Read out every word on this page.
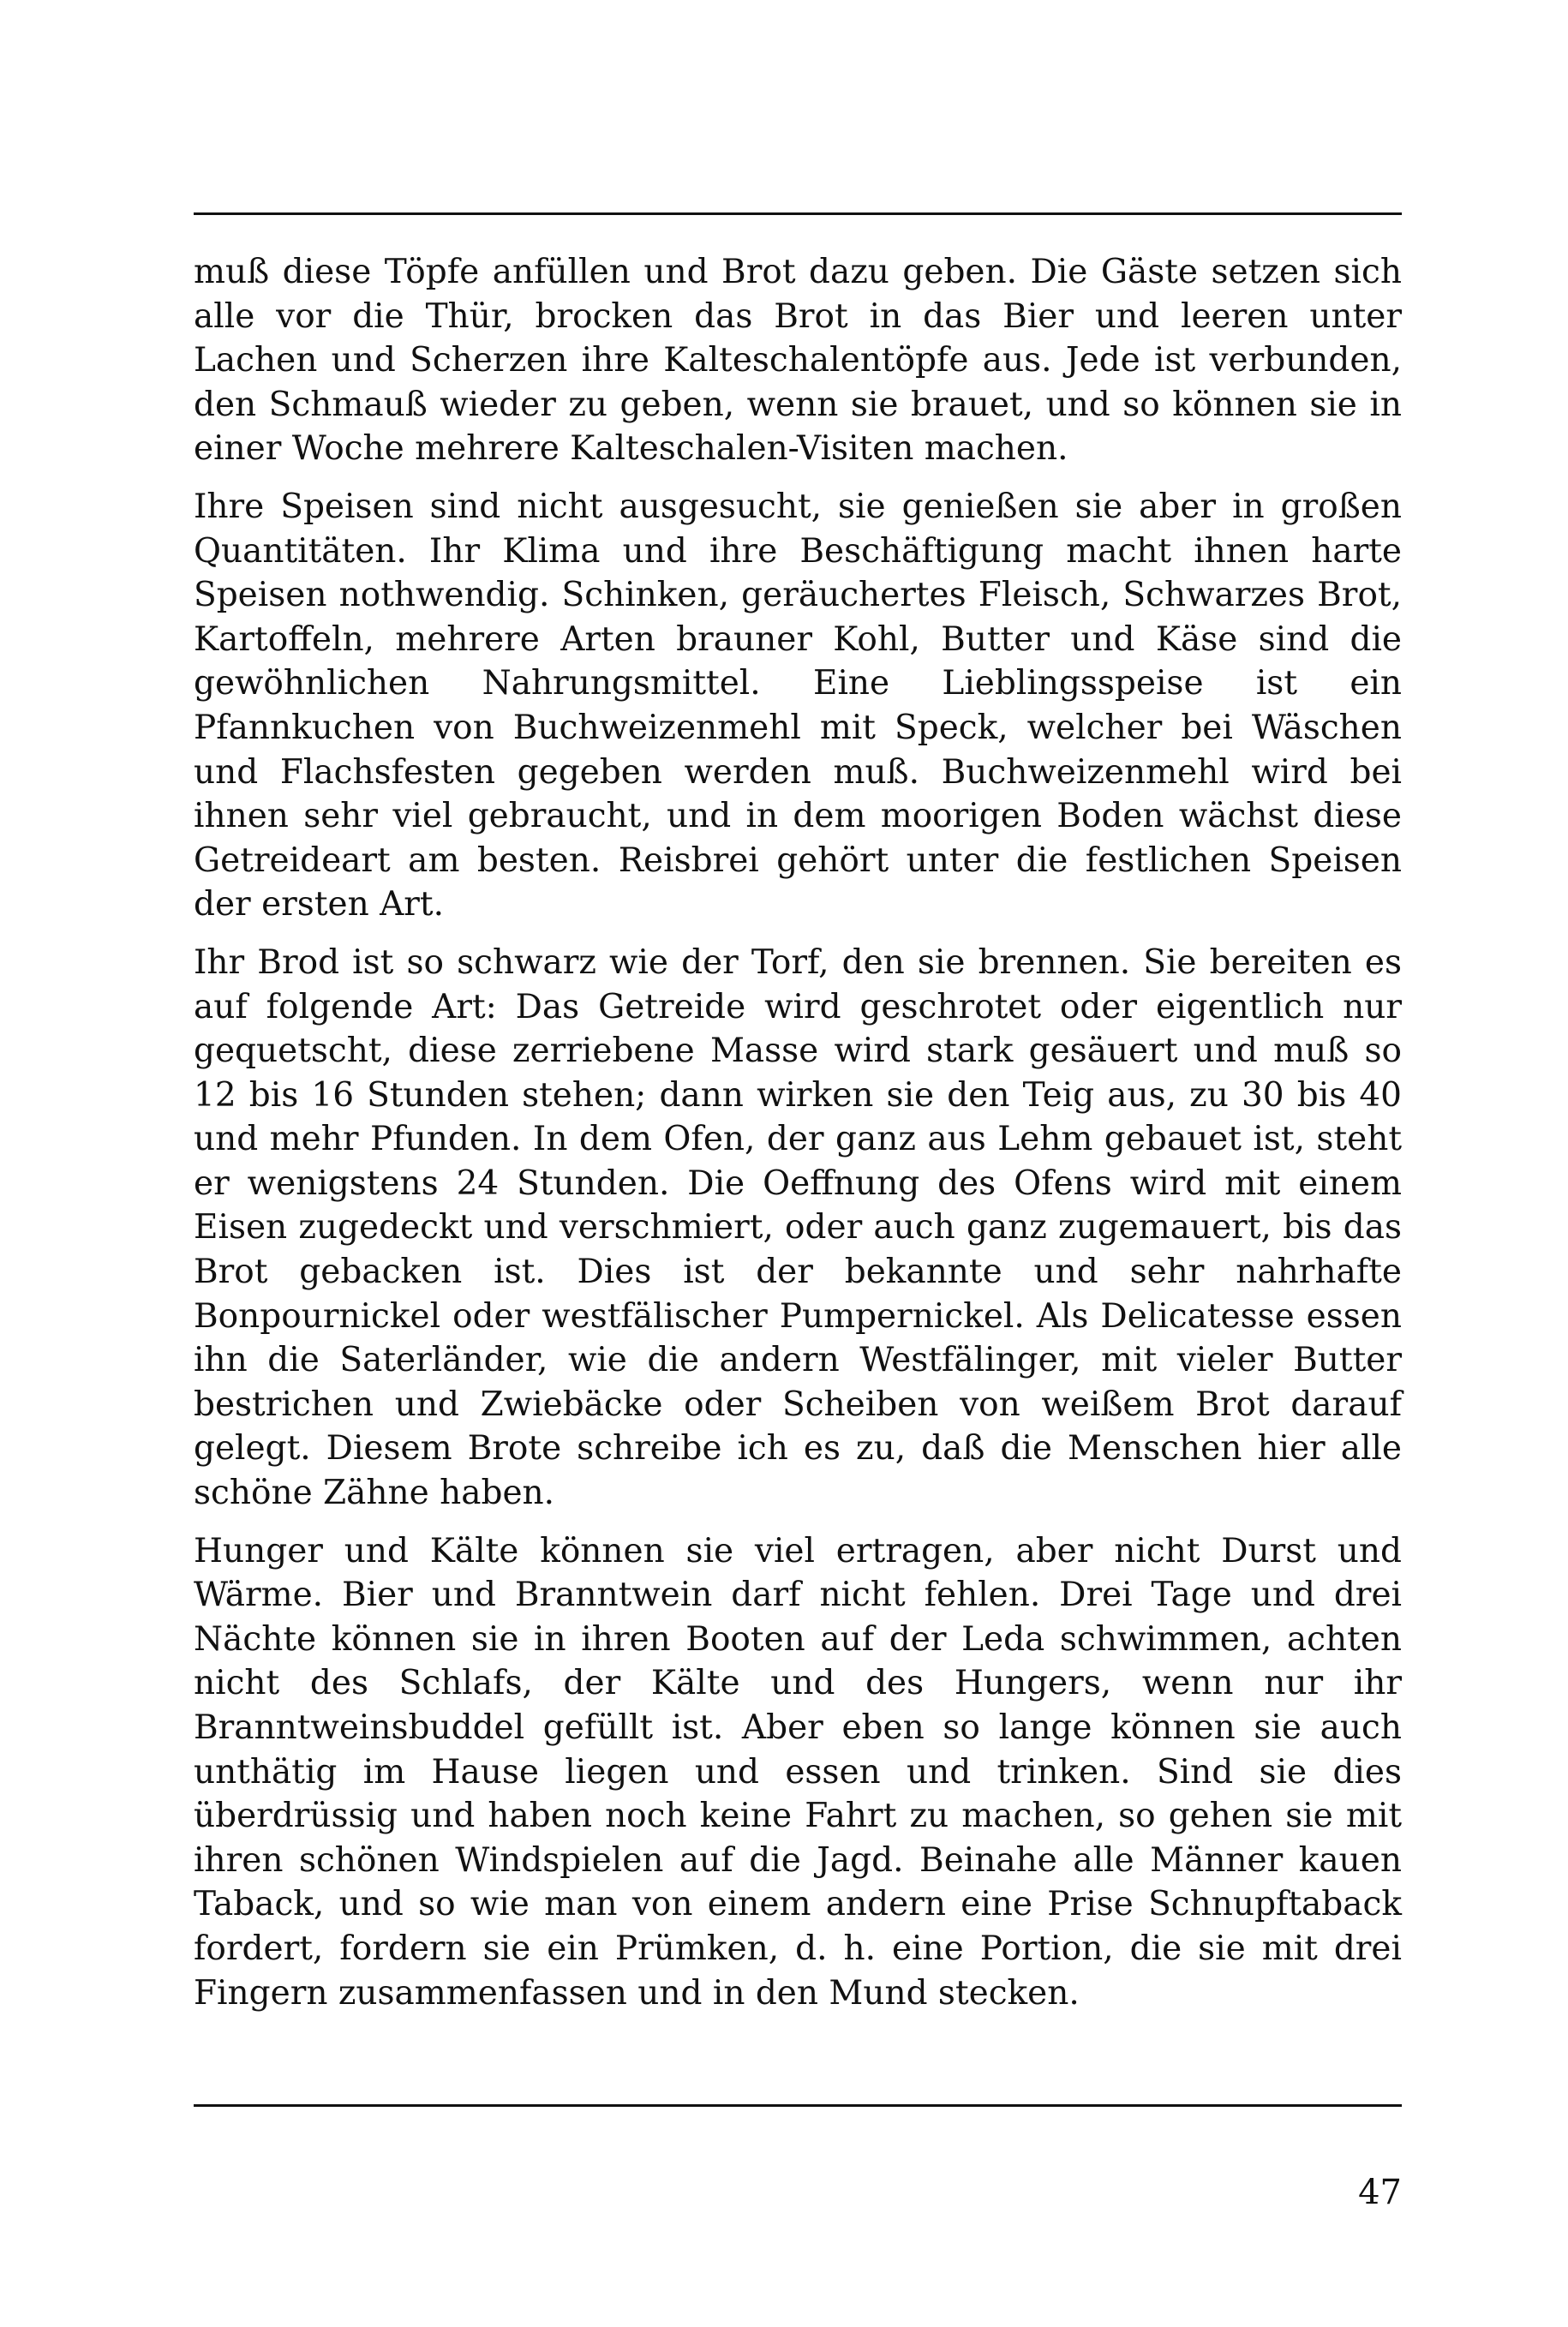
muß diese Töpfe anfüllen und Brot dazu geben. Die Gäste setzen sich alle vor die Thür, brocken das Brot in das Bier und leeren unter Lachen und Scherzen ihre Kalteschalentöpfe aus. Jede ist verbunden, den Schmauß wieder zu geben, wenn sie brauet, und so können sie in einer Woche mehrere Kalteschalen-Visiten machen.

Ihre Speisen sind nicht ausgesucht, sie genießen sie aber in großen Quantitäten. Ihr Klima und ihre Beschäftigung macht ihnen harte Speisen nothwendig. Schinken, geräuchertes Fleisch, Schwarzes Brot, Kartoffeln, mehrere Arten brauner Kohl, Butter und Käse sind die gewöhnlichen Nahrungsmittel. Eine Lieblingsspeise ist ein Pfannkuchen von Buchweizenmehl mit Speck, welcher bei Wäschen und Flachsfesten gegeben werden muß. Buchweizenmehl wird bei ihnen sehr viel gebraucht, und in dem moorigen Boden wächst diese Getreideart am besten. Reisbrei gehört unter die festlichen Speisen der ersten Art.

Ihr Brod ist so schwarz wie der Torf, den sie brennen. Sie bereiten es auf folgende Art: Das Getreide wird geschrotet oder eigentlich nur gequetscht, diese zerriebene Masse wird stark gesäuert und muß so 12 bis 16 Stunden stehen; dann wirken sie den Teig aus, zu 30 bis 40 und mehr Pfunden. In dem Ofen, der ganz aus Lehm gebauet ist, steht er wenigstens 24 Stunden. Die Oeffnung des Ofens wird mit einem Eisen zugedeckt und verschmiert, oder auch ganz zugemauert, bis das Brot gebacken ist. Dies ist der bekannte und sehr nahrhafte Bonpournickel oder westfälischer Pumpernickel. Als Delicatesse essen ihn die Saterländer, wie die andern Westfälinger, mit vieler Butter bestrichen und Zwiebäcke oder Scheiben von weißem Brot darauf gelegt. Diesem Brote schreibe ich es zu, daß die Menschen hier alle schöne Zähne haben.

Hunger und Kälte können sie viel ertragen, aber nicht Durst und Wärme. Bier und Branntwein darf nicht fehlen. Drei Tage und drei Nächte können sie in ihren Booten auf der Leda schwimmen, achten nicht des Schlafs, der Kälte und des Hungers, wenn nur ihr Branntweinsbuddel gefüllt ist. Aber eben so lange können sie auch unthätig im Hause liegen und essen und trinken. Sind sie dies überdrüssig und haben noch keine Fahrt zu machen, so gehen sie mit ihren schönen Windspielen auf die Jagd. Beinahe alle Männer kauen Taback, und so wie man von einem andern eine Prise Schnupftaback fordert, fordern sie ein Prümken, d. h. eine Portion, die sie mit drei Fingern zusammenfassen und in den Mund stecken.

47
